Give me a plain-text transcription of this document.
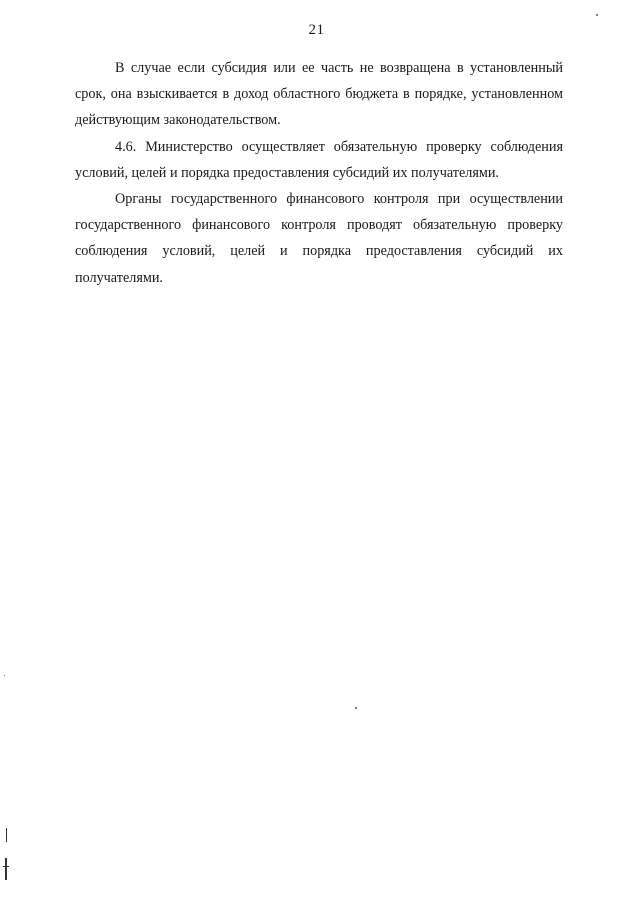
21

В случае если субсидия или ее часть не возвращена в установленный срок, она взыскивается в доход областного бюджета в порядке, установленном действующим законодательством.

4.6. Министерство осуществляет обязательную проверку соблюдения условий, целей и порядка предоставления субсидий их получателями.

Органы государственного финансового контроля при осуществлении государственного финансового контроля проводят обязательную проверку соблюдения условий, целей и порядка предоставления субсидий их получателями.
